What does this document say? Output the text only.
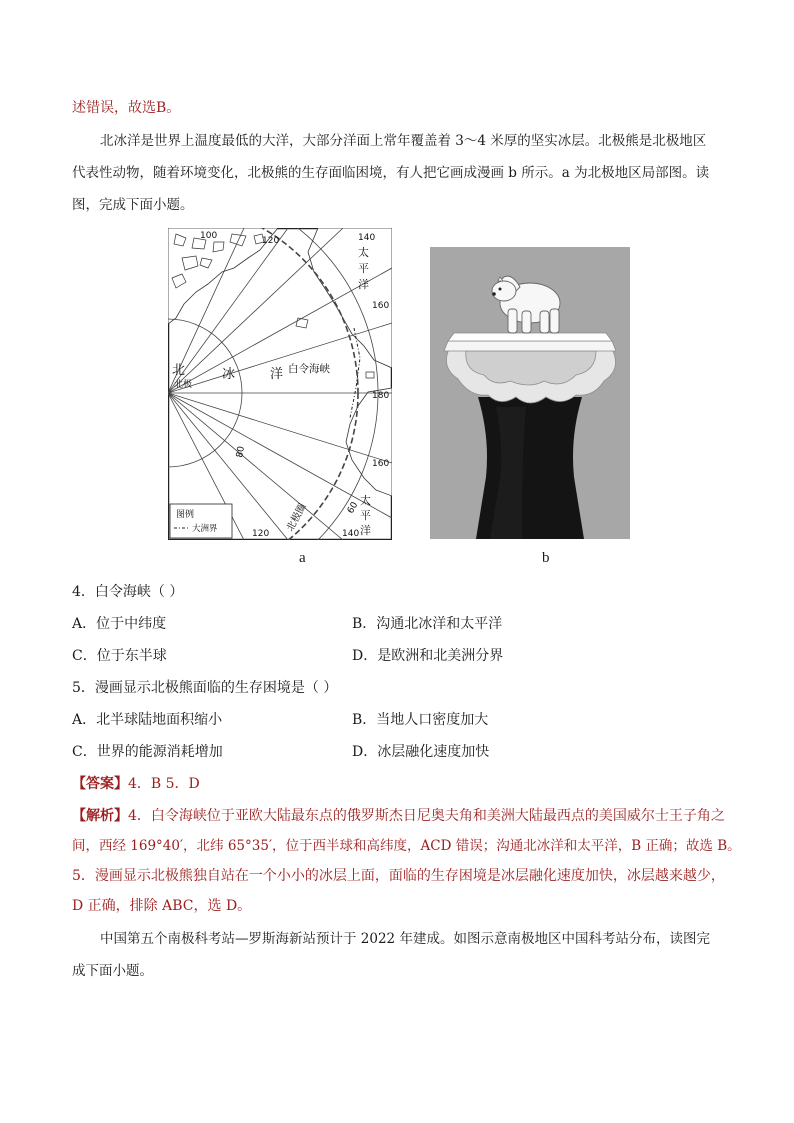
述错误，故选B。
北冰洋是世界上温度最低的大洋，大部分洋面上常年覆盖着 3～4 米厚的坚实冰层。北极熊是北极地区
代表性动物，随着环境变化，北极熊的生存面临困境，有人把它画成漫画 b 所示。a 为北极地区局部图。读
图，完成下面小题。
100	120	140
160
180
160
80
60
120	140
北极
太
平
洋
北	冰	洋 白令海峡
太
平
洋
北极圈
图例
大洲界
a	b
4．白令海峡（ ）
A．位于中纬度	B．沟通北冰洋和太平洋
C．位于东半球	D．是欧洲和北美洲分界
5．漫画显示北极熊面临的生存困境是（ ）
A．北半球陆地面积缩小	B．当地人口密度加大
C．世界的能源消耗增加	D．冰层融化速度加快
【答案】4．B 5．D
【解析】4．白令海峡位于亚欧大陆最东点的俄罗斯杰日尼奥夫角和美洲大陆最西点的美国威尔士王子角之
间，西经 169°40′，北纬 65°35′，位于西半球和高纬度，ACD 错误；沟通北冰洋和太平洋，B 正确；故选 B。
5．漫画显示北极熊独自站在一个小小的冰层上面，面临的生存困境是冰层融化速度加快，冰层越来越少，
D 正确，排除 ABC，选 D。
中国第五个南极科考站—罗斯海新站预计于 2022 年建成。如图示意南极地区中国科考站分布，读图完
成下面小题。
